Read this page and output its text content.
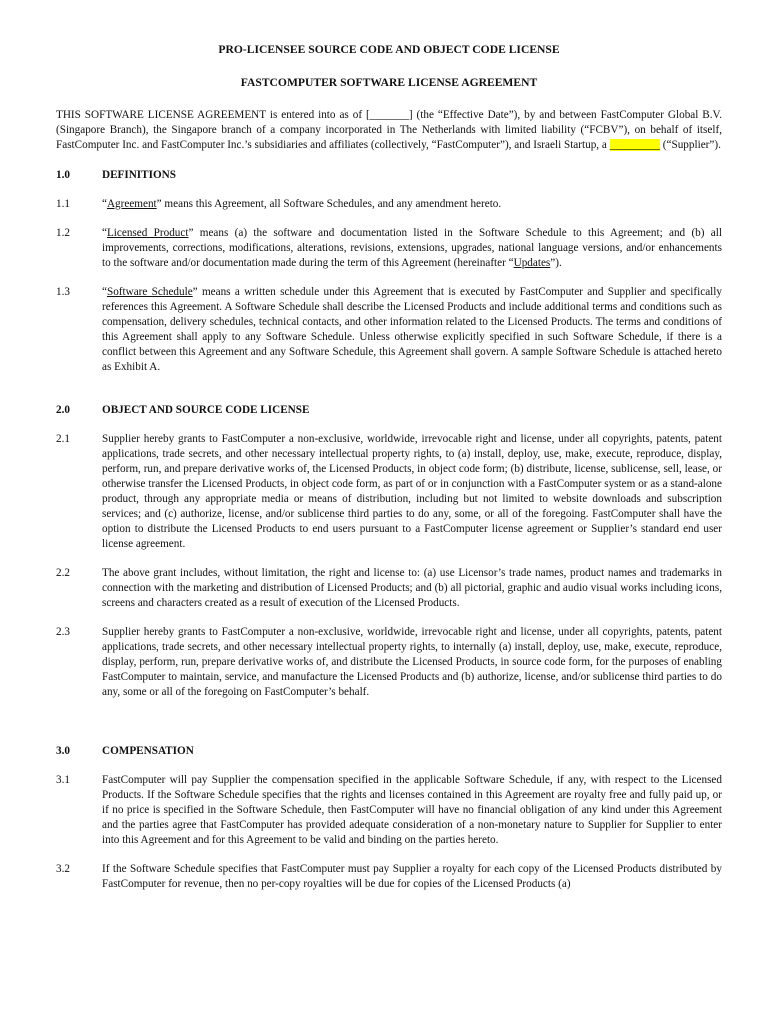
PRO-LICENSEE SOURCE CODE AND OBJECT CODE LICENSE

FASTCOMPUTER SOFTWARE LICENSE AGREEMENT

THIS SOFTWARE LICENSE AGREEMENT is entered into as of [_______] (the “Effective Date”), by and between FastComputer Global B.V. (Singapore Branch), the Singapore branch of a company incorporated in The Netherlands with limited liability (“FCBV”), on behalf of itself, FastComputer Inc. and FastComputer Inc.’s subsidiaries and affiliates (collectively, “FastComputer”), and Israeli Startup, a _________ (“Supplier”).
1.0	DEFINITIONS
1.1	“Agreement” means this Agreement, all Software Schedules, and any amendment hereto.
1.2	“Licensed Product” means (a) the software and documentation listed in the Software Schedule to this Agreement; and (b) all improvements, corrections, modifications, alterations, revisions, extensions, upgrades, national language versions, and/or enhancements to the software and/or documentation made during the term of this Agreement (hereinafter “Updates”).
1.3	“Software Schedule” means a written schedule under this Agreement that is executed by FastComputer and Supplier and specifically references this Agreement. A Software Schedule shall describe the Licensed Products and include additional terms and conditions such as compensation, delivery schedules, technical contacts, and other information related to the Licensed Products. The terms and conditions of this Agreement shall apply to any Software Schedule. Unless otherwise explicitly specified in such Software Schedule, if there is a conflict between this Agreement and any Software Schedule, this Agreement shall govern. A sample Software Schedule is attached hereto as Exhibit A.
2.0	OBJECT AND SOURCE CODE LICENSE
2.1	Supplier hereby grants to FastComputer a non-exclusive, worldwide, irrevocable right and license, under all copyrights, patents, patent applications, trade secrets, and other necessary intellectual property rights, to (a) install, deploy, use, make, execute, reproduce, display, perform, run, and prepare derivative works of, the Licensed Products, in object code form; (b) distribute, license, sublicense, sell, lease, or otherwise transfer the Licensed Products, in object code form, as part of or in conjunction with a FastComputer system or as a stand-alone product, through any appropriate media or means of distribution, including but not limited to website downloads and subscription services; and (c) authorize, license, and/or sublicense third parties to do any, some, or all of the foregoing. FastComputer shall have the option to distribute the Licensed Products to end users pursuant to a FastComputer license agreement or Supplier’s standard end user license agreement.
2.2	The above grant includes, without limitation, the right and license to: (a) use Licensor’s trade names, product names and trademarks in connection with the marketing and distribution of Licensed Products; and (b) all pictorial, graphic and audio visual works including icons, screens and characters created as a result of execution of the Licensed Products.
2.3	Supplier hereby grants to FastComputer a non-exclusive, worldwide, irrevocable right and license, under all copyrights, patents, patent applications, trade secrets, and other necessary intellectual property rights, to internally (a) install, deploy, use, make, execute, reproduce, display, perform, run, prepare derivative works of, and distribute the Licensed Products, in source code form, for the purposes of enabling FastComputer to maintain, service, and manufacture the Licensed Products and (b) authorize, license, and/or sublicense third parties to do any, some or all of the foregoing on FastComputer’s behalf.
3.0	COMPENSATION
3.1	FastComputer will pay Supplier the compensation specified in the applicable Software Schedule, if any, with respect to the Licensed Products. If the Software Schedule specifies that the rights and licenses contained in this Agreement are royalty free and fully paid up, or if no price is specified in the Software Schedule, then FastComputer will have no financial obligation of any kind under this Agreement and the parties agree that FastComputer has provided adequate consideration of a non-monetary nature to Supplier for Supplier to enter into this Agreement and for this Agreement to be valid and binding on the parties hereto.
3.2	If the Software Schedule specifies that FastComputer must pay Supplier a royalty for each copy of the Licensed Products distributed by FastComputer for revenue, then no per-copy royalties will be due for copies of the Licensed Products (a)
